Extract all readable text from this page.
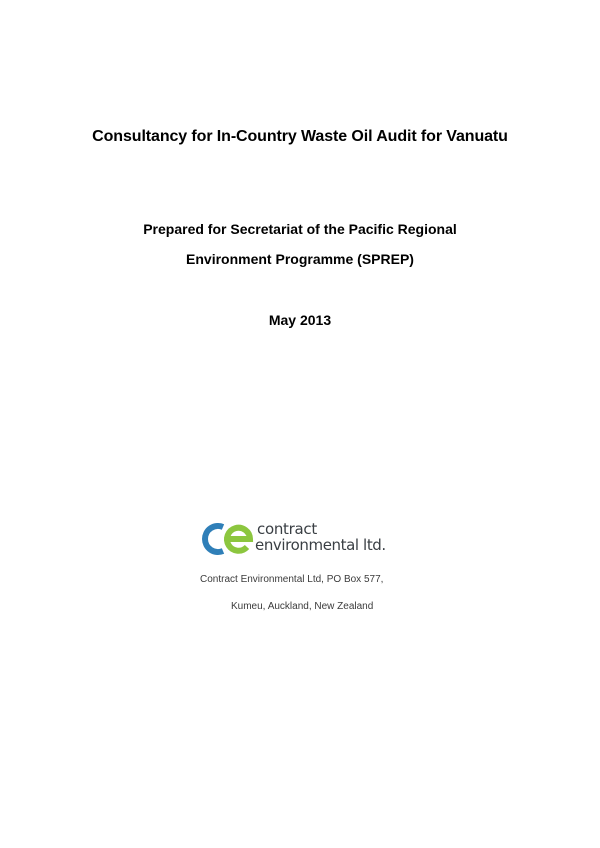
Consultancy for In-Country Waste Oil Audit for Vanuatu
Prepared for Secretariat of the Pacific Regional
Environment Programme (SPREP)
May 2013
contract
environmental ltd.
Contract Environmental Ltd, PO Box 577,
Kumeu, Auckland, New Zealand
